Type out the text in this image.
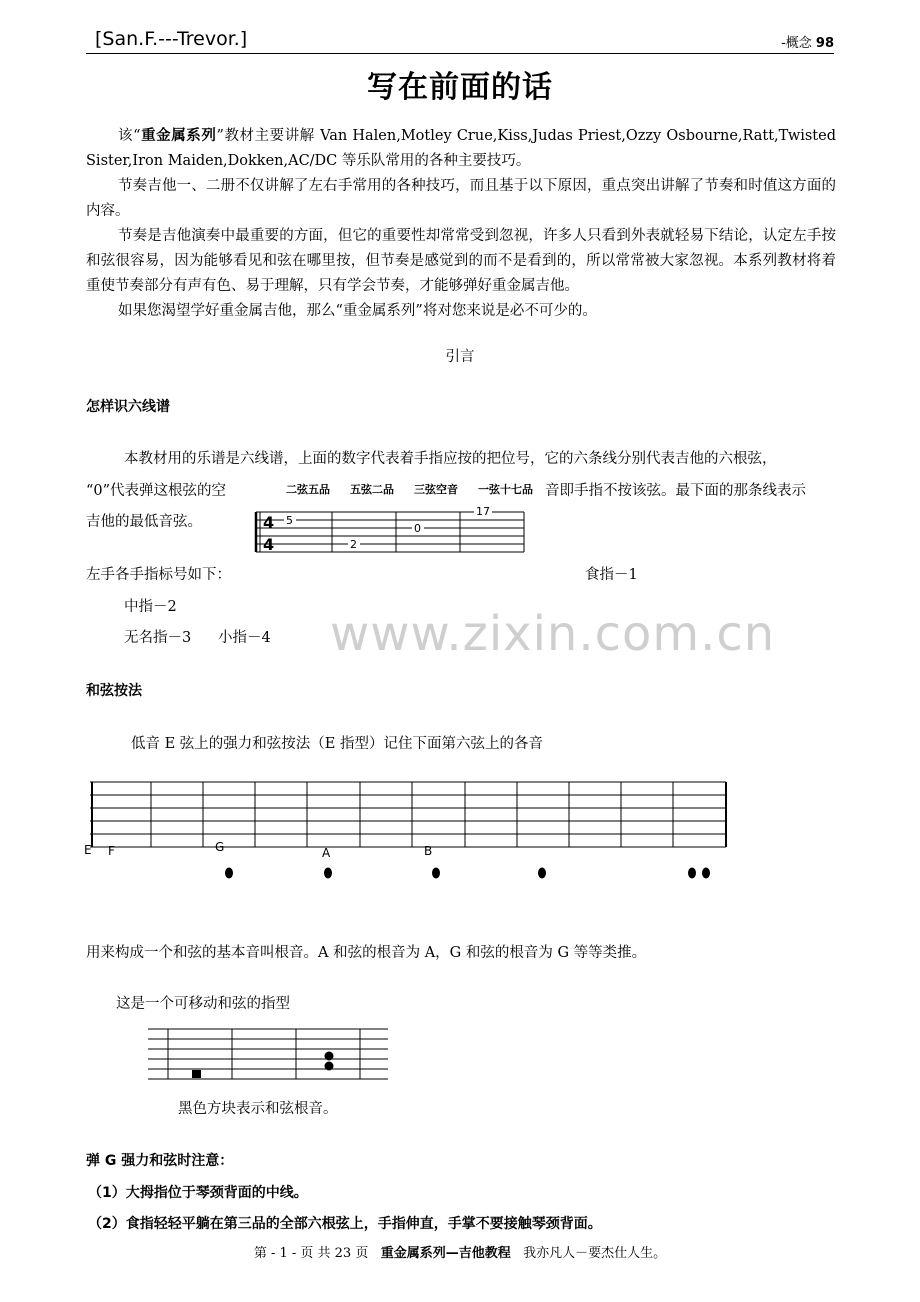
[San.F.---Trevor.]	-概念 98
写在前面的话

该“重金属系列”教材主要讲解 Van Halen,Motley Crue,Kiss,Judas Priest,Ozzy Osbourne,Ratt,Twisted Sister,Iron Maiden,Dokken,AC/DC 等乐队常用的各种主要技巧。

节奏吉他一、二册不仅讲解了左右手常用的各种技巧，而且基于以下原因，重点突出讲解了节奏和时值这方面的内容。

节奏是吉他演奏中最重要的方面，但它的重要性却常常受到忽视，许多人只看到外表就轻易下结论，认定左手按和弦很容易，因为能够看见和弦在哪里按，但节奏是感觉到的而不是看到的，所以常常被大家忽视。本系列教材将着重使节奏部分有声有色、易于理解，只有学会节奏，才能够弹好重金属吉他。

如果您渴望学好重金属吉他，那么“重金属系列”将对您来说是必不可少的。

引言
怎样识六线谱
本教材用的乐谱是六线谱，上面的数字代表着手指应按的把位号，它的六条线分别代表吉他的六根弦，
“0”代表弹这根弦的空	音即手指不按该弦。最下面的那条线表示
吉他的最低音弦。
二弦五品 五弦二品 三弦空音 一弦十七品
4
4
5
0
2
17
左手各手指标号如下：	食指－1
中指－2
无名指－3 小指－4 www.zixin.com.cn
和弦按法
低音 E 弦上的强力和弦按法（E 指型）记住下面第六弦上的各音
E F	G	A	B
用来构成一个和弦的基本音叫根音。A 和弦的根音为 A，G 和弦的根音为 G 等等类推。
这是一个可移动和弦的指型
黑色方块表示和弦根音。
弹 G 强力和弦时注意：
（1）大拇指位于琴颈背面的中线。
（2）食指轻轻平躺在第三品的全部六根弦上，手指伸直，手掌不要接触琴颈背面。
第 - 1 - 页 共 23 页 重金属系列—吉他教程 我亦凡人－要杰仕人生。
